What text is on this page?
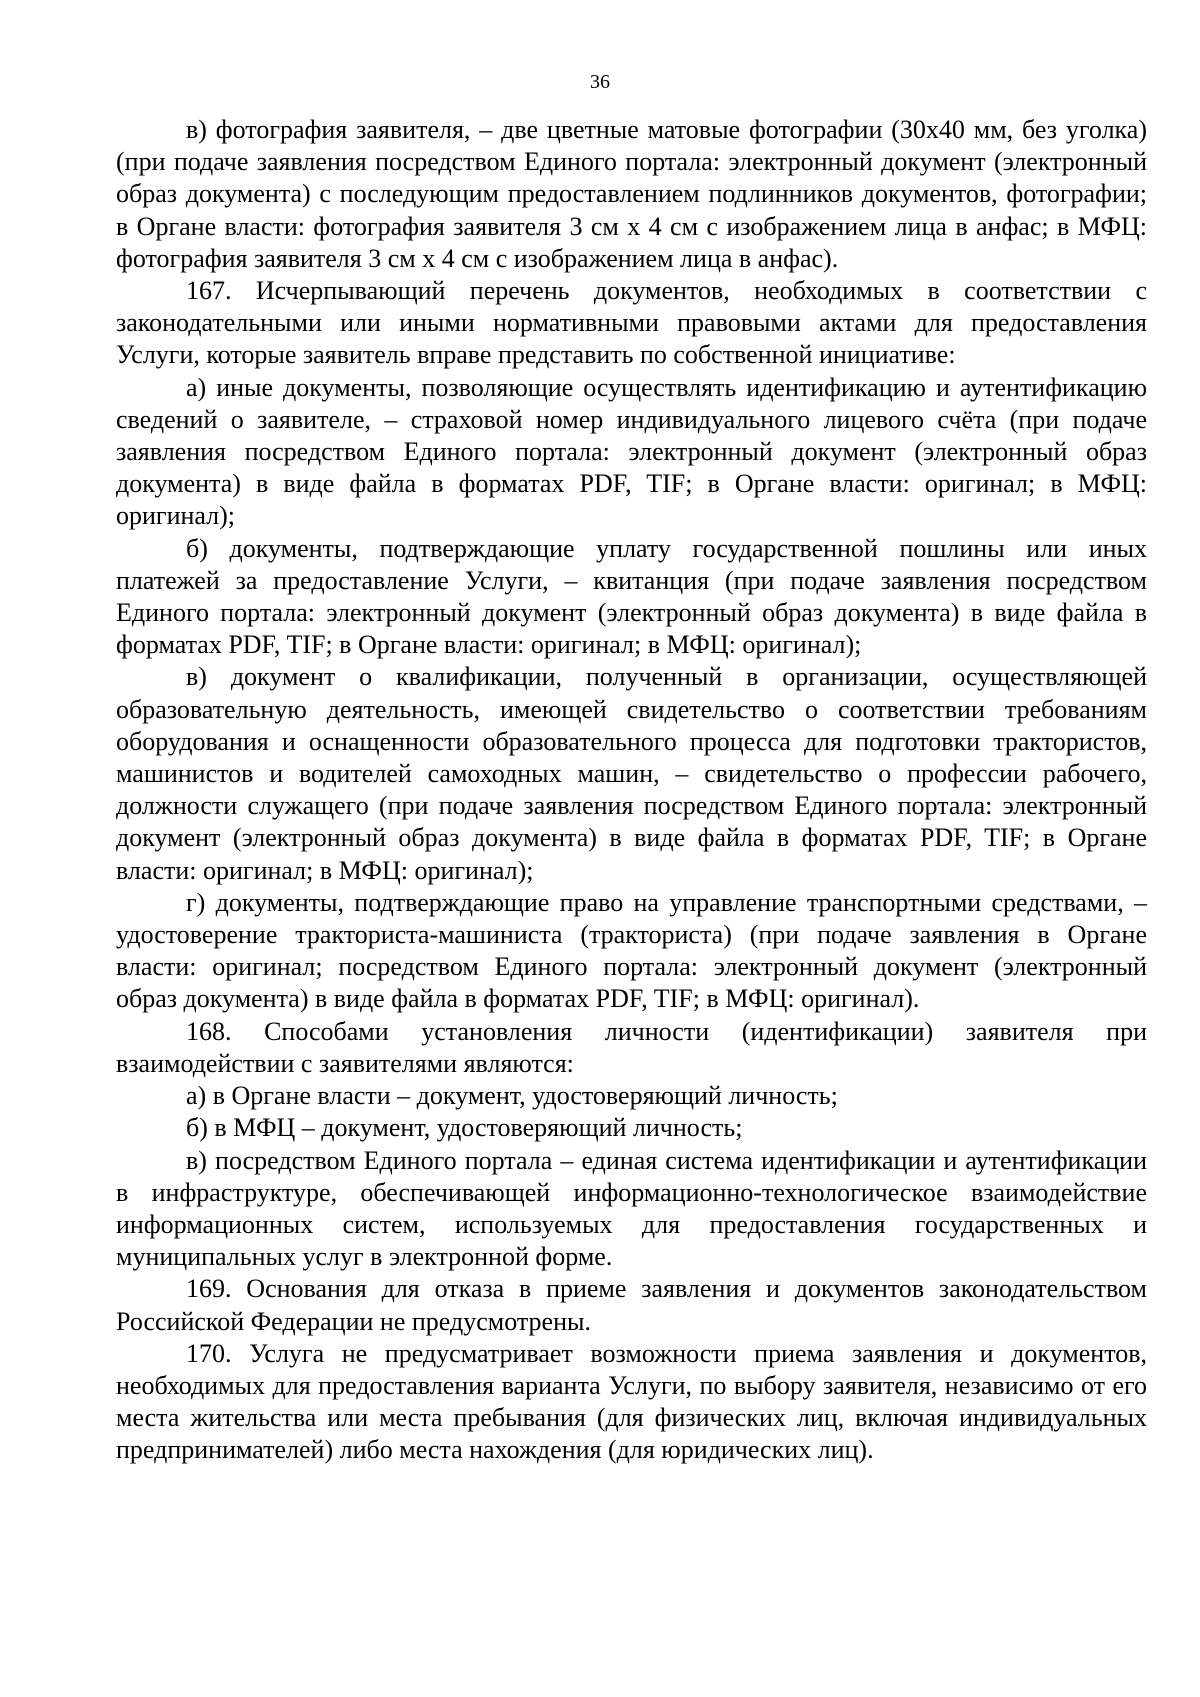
36

в) фотография заявителя, – две цветные матовые фотографии (30х40 мм, без уголка) (при подаче заявления посредством Единого портала: электронный документ (электронный образ документа) с последующим предоставлением подлинников документов, фотографии; в Органе власти: фотография заявителя 3 см х 4 см с изображением лица в анфас; в МФЦ: фотография заявителя 3 см х 4 см с изображением лица в анфас).

167. Исчерпывающий перечень документов, необходимых в соответствии с законодательными или иными нормативными правовыми актами для предоставления Услуги, которые заявитель вправе представить по собственной инициативе:

а) иные документы, позволяющие осуществлять идентификацию и аутентификацию сведений о заявителе, – страховой номер индивидуального лицевого счёта (при подаче заявления посредством Единого портала: электронный документ (электронный образ документа) в виде файла в форматах PDF, TIF; в Органе власти: оригинал; в МФЦ: оригинал);

б) документы, подтверждающие уплату государственной пошлины или иных платежей за предоставление Услуги, – квитанция (при подаче заявления посредством Единого портала: электронный документ (электронный образ документа) в виде файла в форматах PDF, TIF; в Органе власти: оригинал; в МФЦ: оригинал);

в) документ о квалификации, полученный в организации, осуществляющей образовательную деятельность, имеющей свидетельство о соответствии требованиям оборудования и оснащенности образовательного процесса для подготовки трактористов, машинистов и водителей самоходных машин, – свидетельство о профессии рабочего, должности служащего (при подаче заявления посредством Единого портала: электронный документ (электронный образ документа) в виде файла в форматах PDF, TIF; в Органе власти: оригинал; в МФЦ: оригинал);

г) документы, подтверждающие право на управление транспортными средствами, – удостоверение тракториста-машиниста (тракториста) (при подаче заявления в Органе власти: оригинал; посредством Единого портала: электронный документ (электронный образ документа) в виде файла в форматах PDF, TIF; в МФЦ: оригинал).

168. Способами установления личности (идентификации) заявителя при взаимодействии с заявителями являются:

а) в Органе власти – документ, удостоверяющий личность;

б) в МФЦ – документ, удостоверяющий личность;

в) посредством Единого портала – единая система идентификации и аутентификации в инфраструктуре, обеспечивающей информационно-технологическое взаимодействие информационных систем, используемых для предоставления государственных и муниципальных услуг в электронной форме.

169. Основания для отказа в приеме заявления и документов законодательством Российской Федерации не предусмотрены.

170. Услуга не предусматривает возможности приема заявления и документов, необходимых для предоставления варианта Услуги, по выбору заявителя, независимо от его места жительства или места пребывания (для физических лиц, включая индивидуальных предпринимателей) либо места нахождения (для юридических лиц).
